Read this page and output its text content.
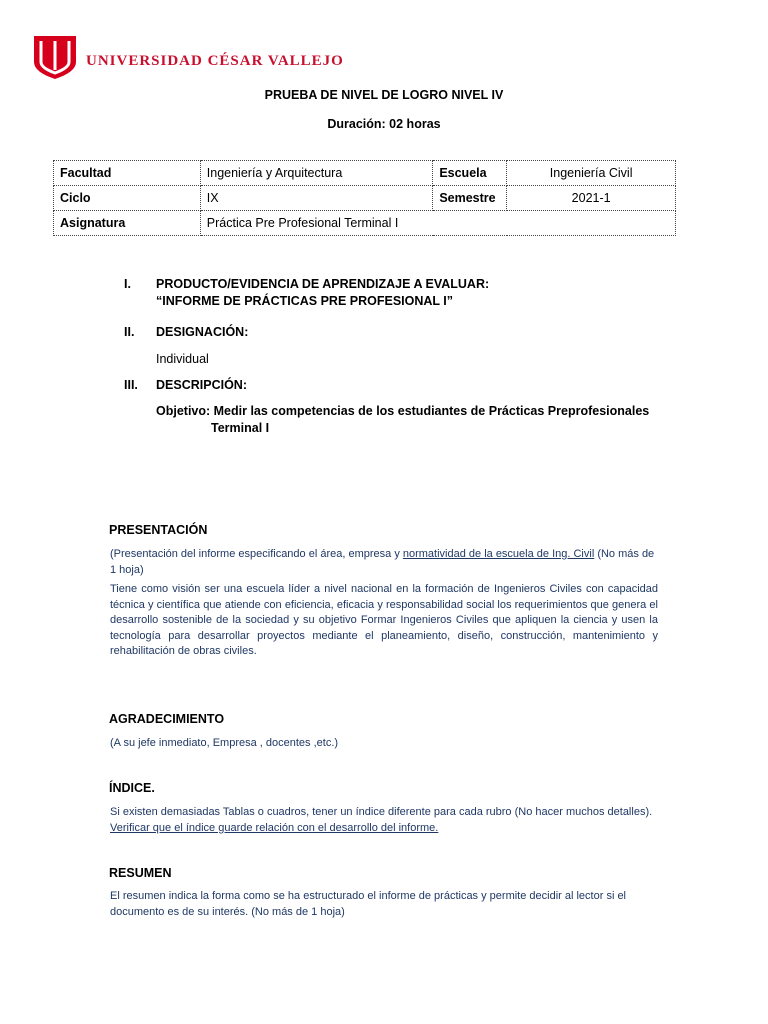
UNIVERSIDAD CÉSAR VALLEJO
PRUEBA DE NIVEL DE LOGRO NIVEL IV
Duración: 02 horas
Facultad	Ingeniería y Arquitectura	Escuela	Ingeniería Civil
Ciclo	IX	Semestre	2021-1
Asignatura	Práctica Pre Profesional Terminal I		
I. PRODUCTO/EVIDENCIA DE APRENDIZAJE A EVALUAR:
“INFORME DE PRÁCTICAS PRE PROFESIONAL I”
II. DESIGNACIÓN:
Individual
III. DESCRIPCIÓN:
Objetivo: Medir las competencias de los estudiantes de Prácticas Preprofesionales
Terminal I
PRESENTACIÓN
(Presentación del informe especificando el área, empresa y normatividad de la escuela de Ing. Civil (No más de 1 hoja)
Tiene como visión ser una escuela líder a nivel nacional en la formación de Ingenieros Civiles con capacidad técnica y científica que atiende con eficiencia, eficacia y responsabilidad social los requerimientos que genera el desarrollo sostenible de la sociedad y su objetivo Formar Ingenieros Civiles que apliquen la ciencia y usen la tecnología para desarrollar proyectos mediante el planeamiento, diseño, construcción, mantenimiento y rehabilitación de obras civiles.
AGRADECIMIENTO
(A su jefe inmediato, Empresa , docentes ,etc.)
ÍNDICE.
Si existen demasiadas Tablas o cuadros, tener un índice diferente para cada rubro (No hacer muchos detalles). Verificar que el índice guarde relación con el desarrollo del informe.
RESUMEN
El resumen indica la forma como se ha estructurado el informe de prácticas y permite decidir al lector si el documento es de su interés. (No más de 1 hoja)
